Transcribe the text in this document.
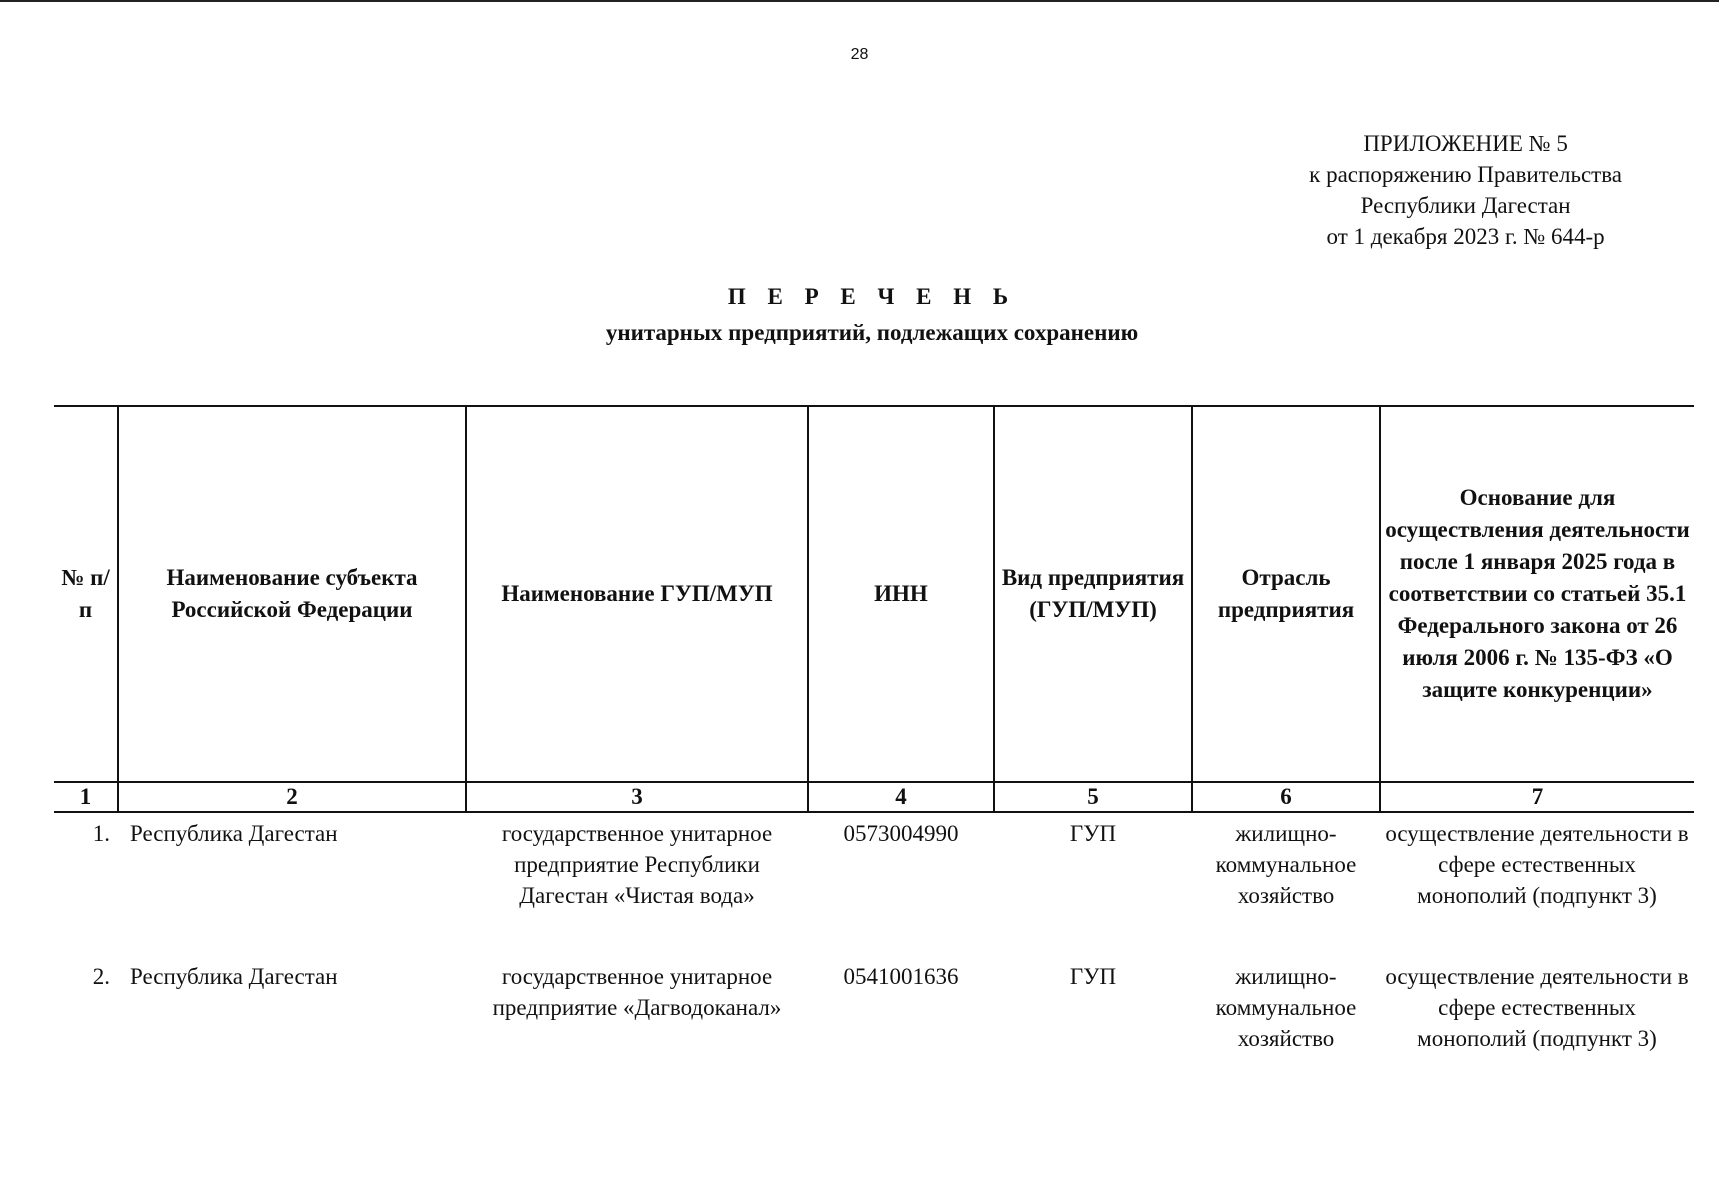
28
ПРИЛОЖЕНИЕ № 5
к распоряжению Правительства
Республики Дагестан
от 1 декабря 2023 г. № 644-р
П Е Р Е Ч Е Н Ь
унитарных предприятий, подлежащих сохранению
№ п/п	Наименование субъекта Российской Федерации	Наименование ГУП/МУП	ИНН	Вид предприятия (ГУП/МУП)	Отрасль предприятия	Основание для осуществления деятельности после 1 января 2025 года в соответствии со статьей 35.1 Федерального закона от 26 июля 2006 г. № 135-ФЗ «О защите конкуренции»
1	2	3	4	5	6	7
1.	Республика Дагестан	государственное унитарное предприятие Республики Дагестан «Чистая вода»	0573004990	ГУП	жилищно-коммунальное хозяйство	осуществление деятельности в сфере естественных монополий (подпункт 3)
2.	Республика Дагестан	государственное унитарное предприятие «Дагводоканал»	0541001636	ГУП	жилищно-коммунальное хозяйство	осуществление деятельности в сфере естественных монополий (подпункт 3)
